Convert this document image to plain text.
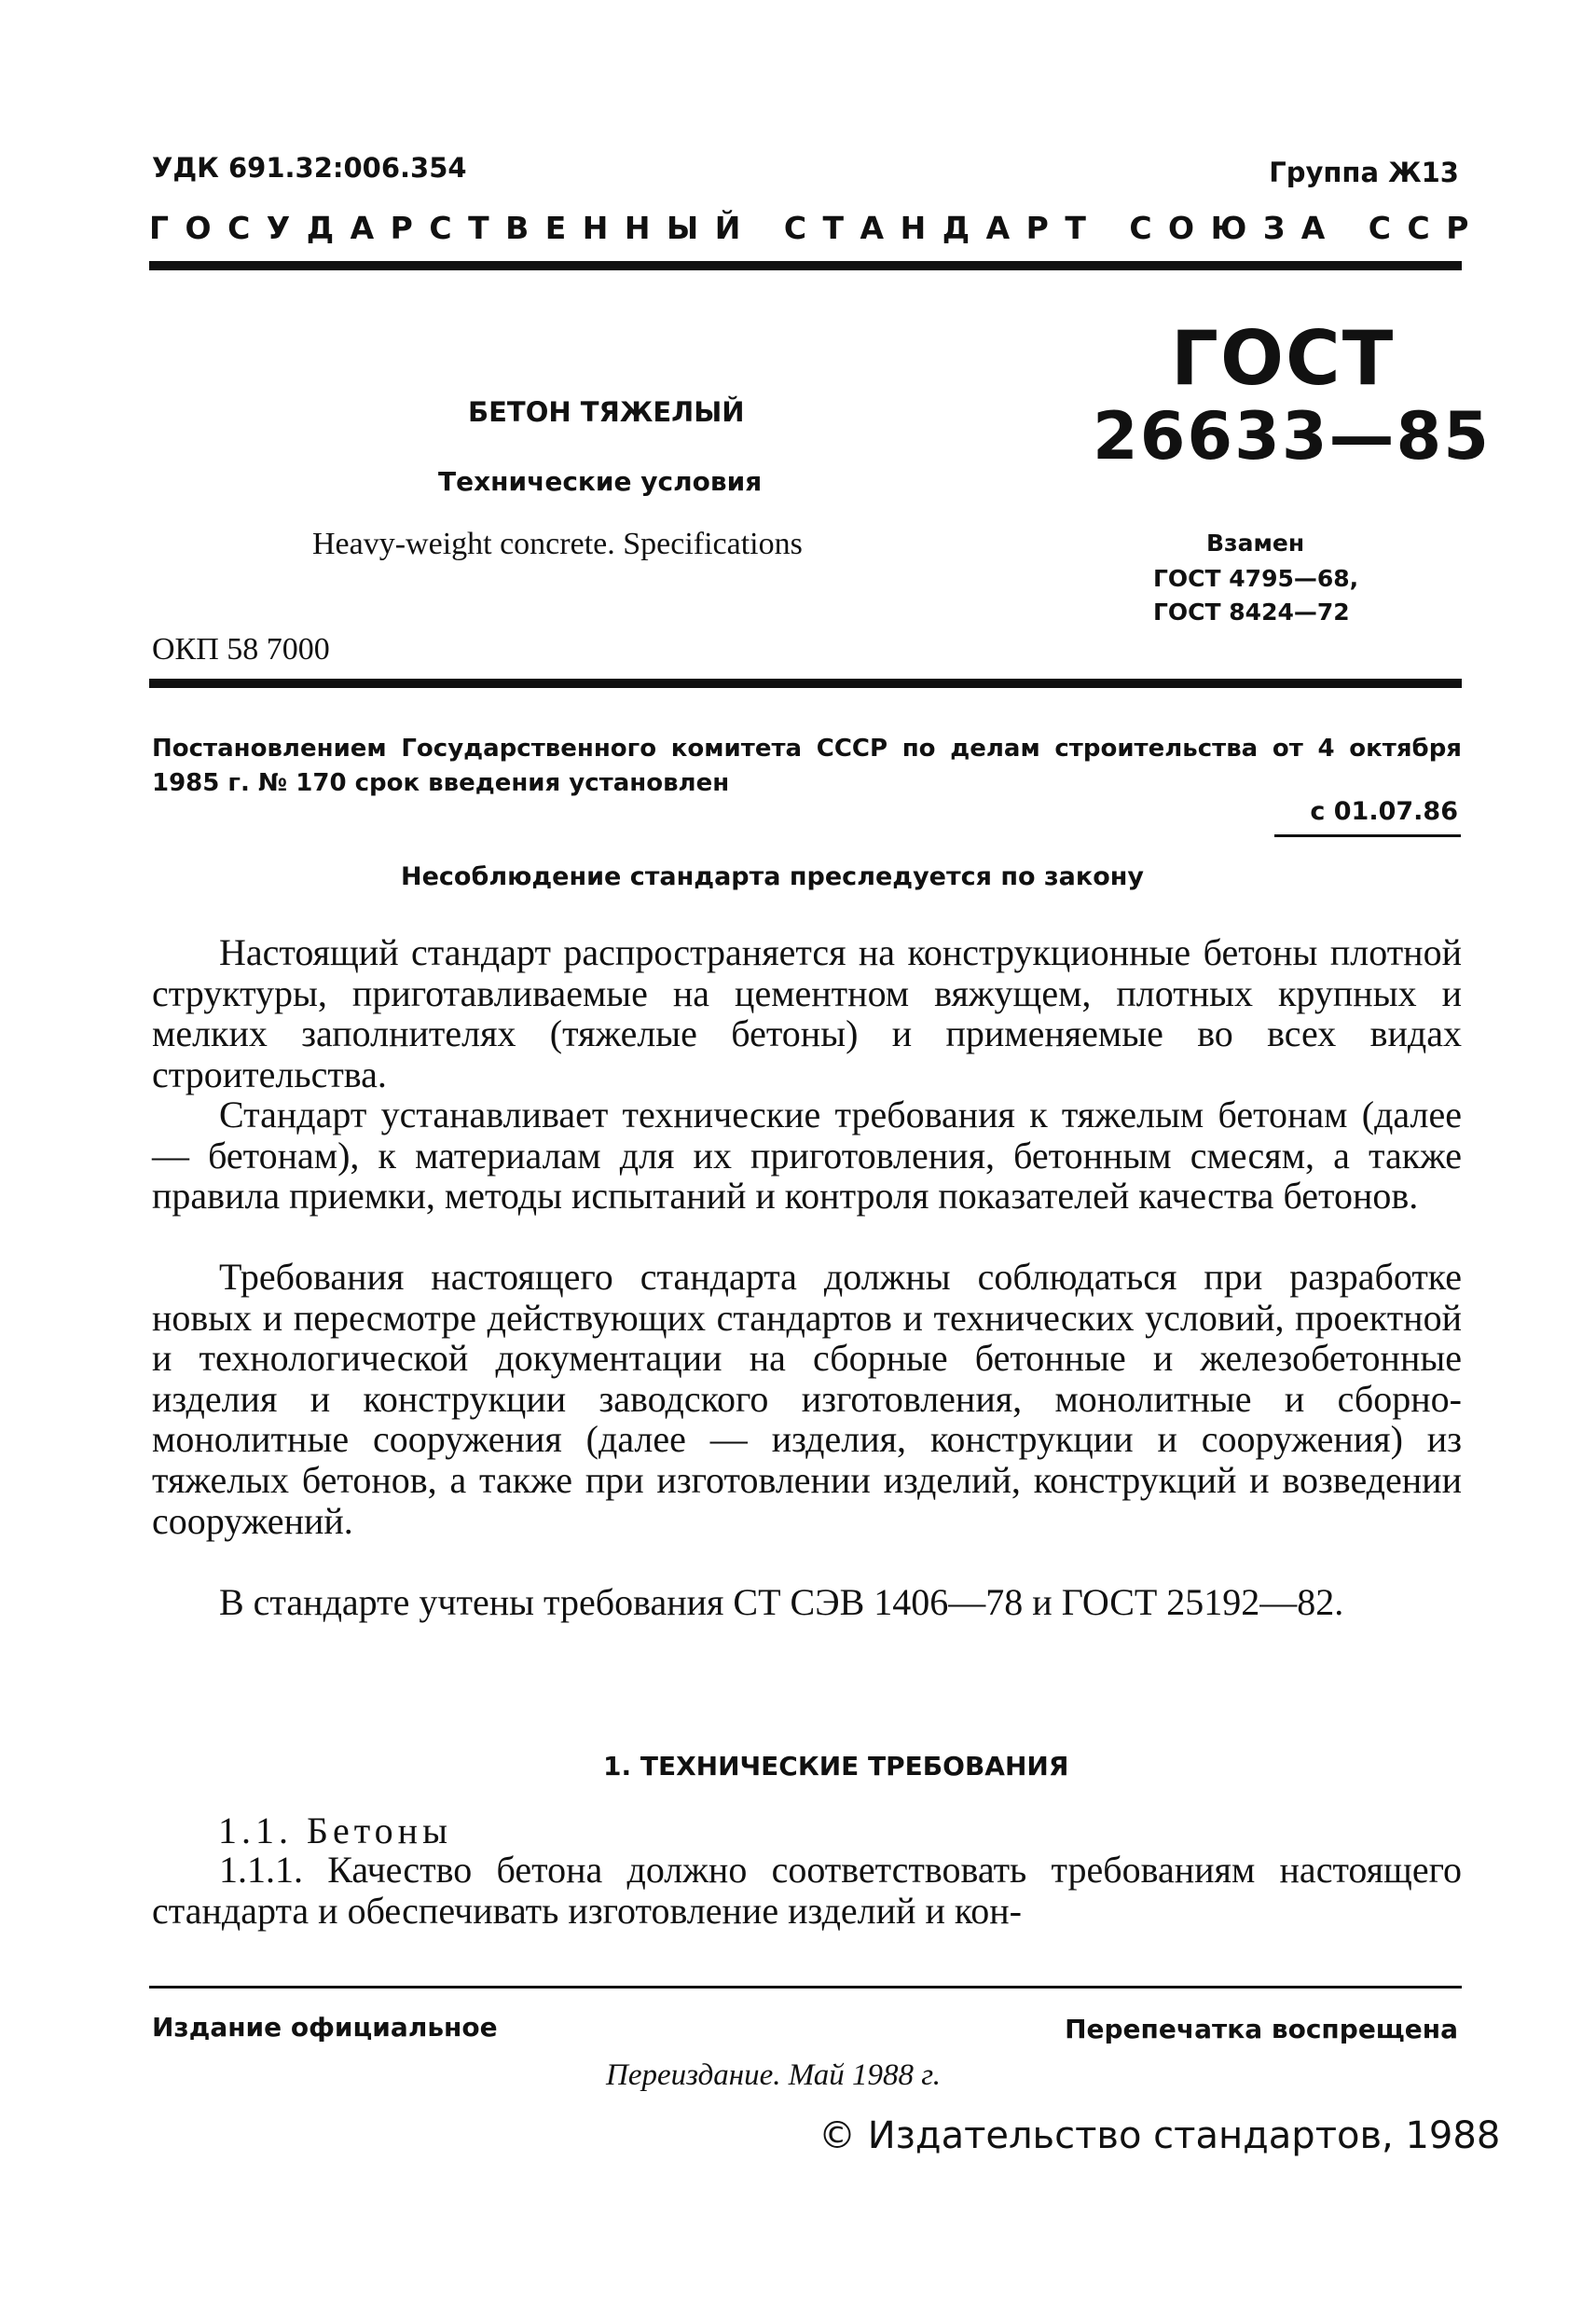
УДК 691.32:006.354	Группа Ж13
ГОСУДАРСТВЕННЫЙ СТАНДАРТ СОЮЗА ССР
БЕТОН ТЯЖЕЛЫЙ
Технические условия
Heavy-weight concrete. Specifications
ОКП 58 7000
ГОСТ
26633—85
Взамен
ГОСТ 4795—68,
ГОСТ 8424—72

Постановлением Государственного комитета СССР по делам строительства от 4 октября 1985 г. № 170 срок введения установлен

с 01.07.86
Несоблюдение стандарта преследуется по закону

Настоящий стандарт распространяется на конструкционные бетоны плотной структуры, приготавливаемые на цементном вяжущем, плотных крупных и мелких заполнителях (тяжелые бетоны) и применяемые во всех видах строительства.

Стандарт устанавливает технические требования к тяжелым бетонам (далее — бетонам), к материалам для их приготовления, бетонным смесям, а также правила приемки, методы испытаний и контроля показателей качества бетонов.

Требования настоящего стандарта должны соблюдаться при разработке новых и пересмотре действующих стандартов и технических условий, проектной и технологической документации на сборные бетонные и железобетонные изделия и конструкции заводского изготовления, монолитные и сборно-монолитные сооружения (далее — изделия, конструкции и сооружения) из тяжелых бетонов, а также при изготовлении изделий, конструкций и возведении сооружений.

В стандарте учтены требования СТ СЭВ 1406—78 и ГОСТ 25192—82.

1. ТЕХНИЧЕСКИЕ ТРЕБОВАНИЯ
1.1. Бетоны

1.1.1. Качество бетона должно соответствовать требованиям настоящего стандарта и обеспечивать изготовление изделий и кон-

Издание официальное	Перепечатка воспрещена
Переиздание. Май 1988 г.
© Издательство стандартов, 1988
